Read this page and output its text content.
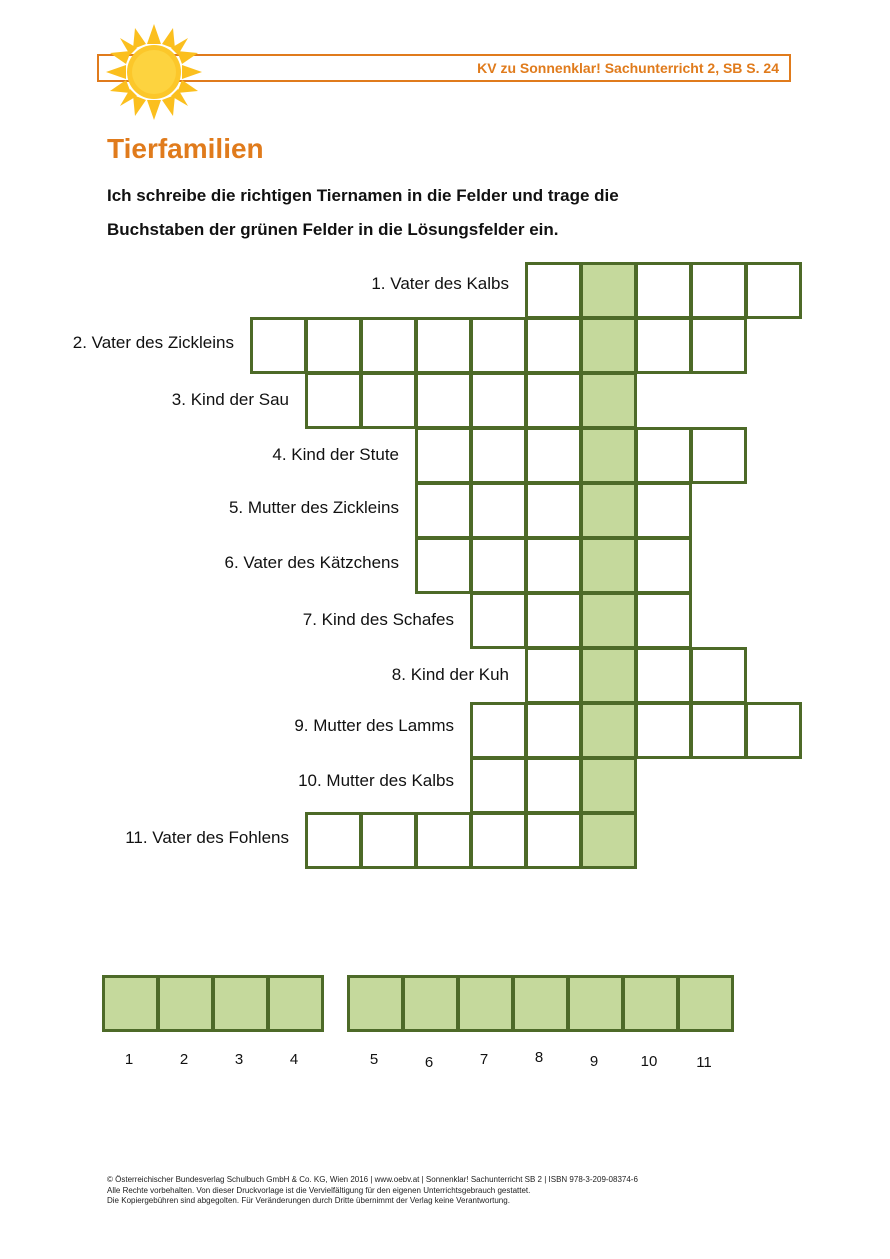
KV zu Sonnenklar! Sachunterricht 2, SB S. 24
Tierfamilien
Ich schreibe die richtigen Tiernamen in die Felder und trage die
Buchstaben der grünen Felder in die Lösungsfelder ein.
1. Vater des Kalbs
2. Vater des Zickleins
3. Kind der Sau
4. Kind der Stute
5. Mutter des Zickleins
6. Vater des Kätzchens
7. Kind des Schafes
8. Kind der Kuh
9. Mutter des Lamms
10. Mutter des Kalbs
11. Vater des Fohlens
1	2	3	4	5	6	7	8	9	10	11
© Österreichischer Bundesverlag Schulbuch GmbH & Co. KG, Wien 2016 | www.oebv.at | Sonnenklar! Sachunterricht SB 2 | ISBN 978-3-209-08374-6
Alle Rechte vorbehalten. Von dieser Druckvorlage ist die Vervielfältigung für den eigenen Unterrichtsgebrauch gestattet.
Die Kopiergebühren sind abgegolten. Für Veränderungen durch Dritte übernimmt der Verlag keine Verantwortung.
